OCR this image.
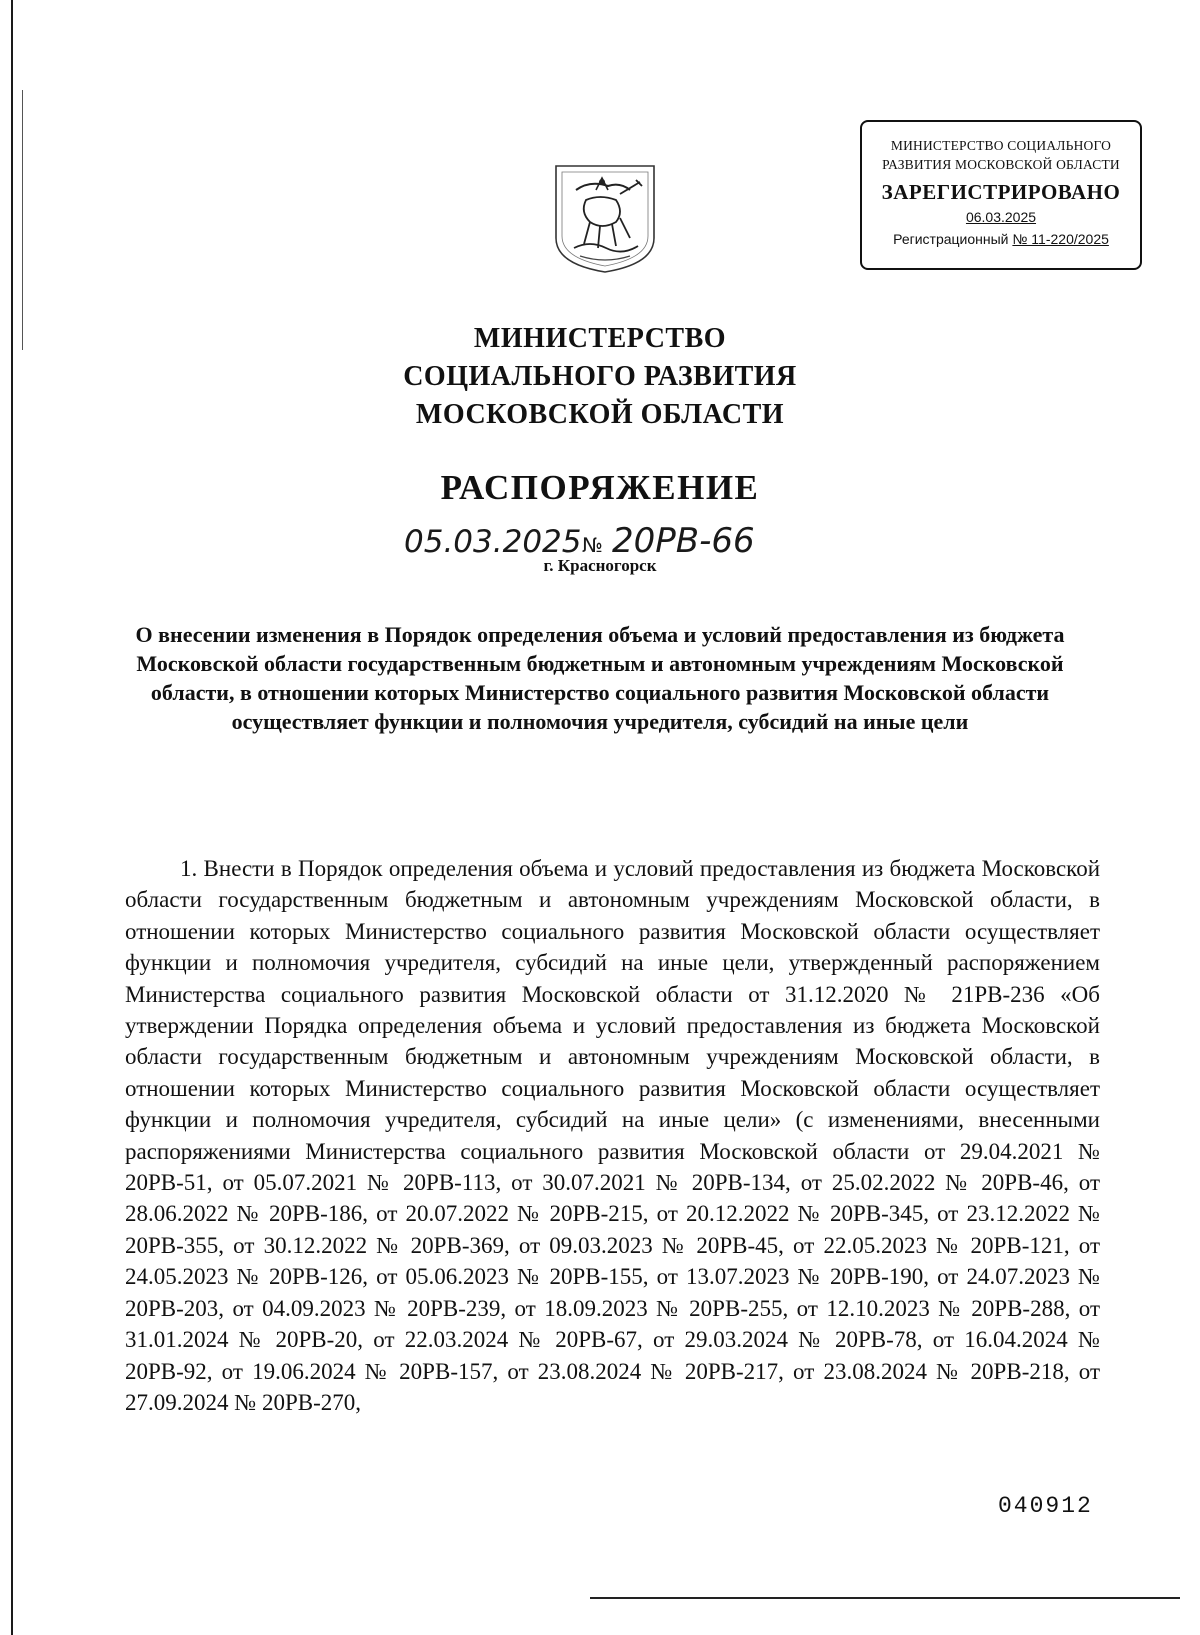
МИНИСТЕРСТВО СОЦИАЛЬНОГО
РАЗВИТИЯ МОСКОВСКОЙ ОБЛАСТИ
ЗАРЕГИСТРИРОВАНО
06.03.2025
Регистрационный № 11-220/2025
МИНИСТЕРСТВО
СОЦИАЛЬНОГО РАЗВИТИЯ
МОСКОВСКОЙ ОБЛАСТИ
РАСПОРЯЖЕНИЕ
05.03.2025 № 20РВ-66
г. Красногорск
О внесении изменения в Порядок определения объема и условий предоставления из бюджета Московской области государственным бюджетным и автономным учреждениям Московской области, в отношении которых Министерство социального развития Московской области осуществляет функции и полномочия учредителя, субсидий на иные цели
1. Внести в Порядок определения объема и условий предоставления из бюджета Московской области государственным бюджетным и автономным учреждениям Московской области, в отношении которых Министерство социального развития Московской области осуществляет функции и полномочия учредителя, субсидий на иные цели, утвержденный распоряжением Министерства социального развития Московской области от 31.12.2020 № 21РВ-236 «Об утверждении Порядка определения объема и условий предоставления из бюджета Московской области государственным бюджетным и автономным учреждениям Московской области, в отношении которых Министерство социального развития Московской области осуществляет функции и полномочия учредителя, субсидий на иные цели» (с изменениями, внесенными распоряжениями Министерства социального развития Московской области от 29.04.2021 № 20РВ-51, от 05.07.2021 № 20РВ-113, от 30.07.2021 № 20РВ-134, от 25.02.2022 № 20РВ-46, от 28.06.2022 № 20РВ-186, от 20.07.2022 № 20РВ-215, от 20.12.2022 № 20РВ-345, от 23.12.2022 № 20РВ-355, от 30.12.2022 № 20РВ-369, от 09.03.2023 № 20РВ-45, от 22.05.2023 № 20РВ-121, от 24.05.2023 № 20РВ-126, от 05.06.2023 № 20РВ-155, от 13.07.2023 № 20РВ-190, от 24.07.2023 № 20РВ-203, от 04.09.2023 № 20РВ-239, от 18.09.2023 № 20РВ-255, от 12.10.2023 № 20РВ-288, от 31.01.2024 № 20РВ-20, от 22.03.2024 № 20РВ-67, от 29.03.2024 № 20РВ-78, от 16.04.2024 № 20РВ-92, от 19.06.2024 № 20РВ-157, от 23.08.2024 № 20РВ-217, от 23.08.2024 № 20РВ-218, от 27.09.2024 № 20РВ-270,
040912
